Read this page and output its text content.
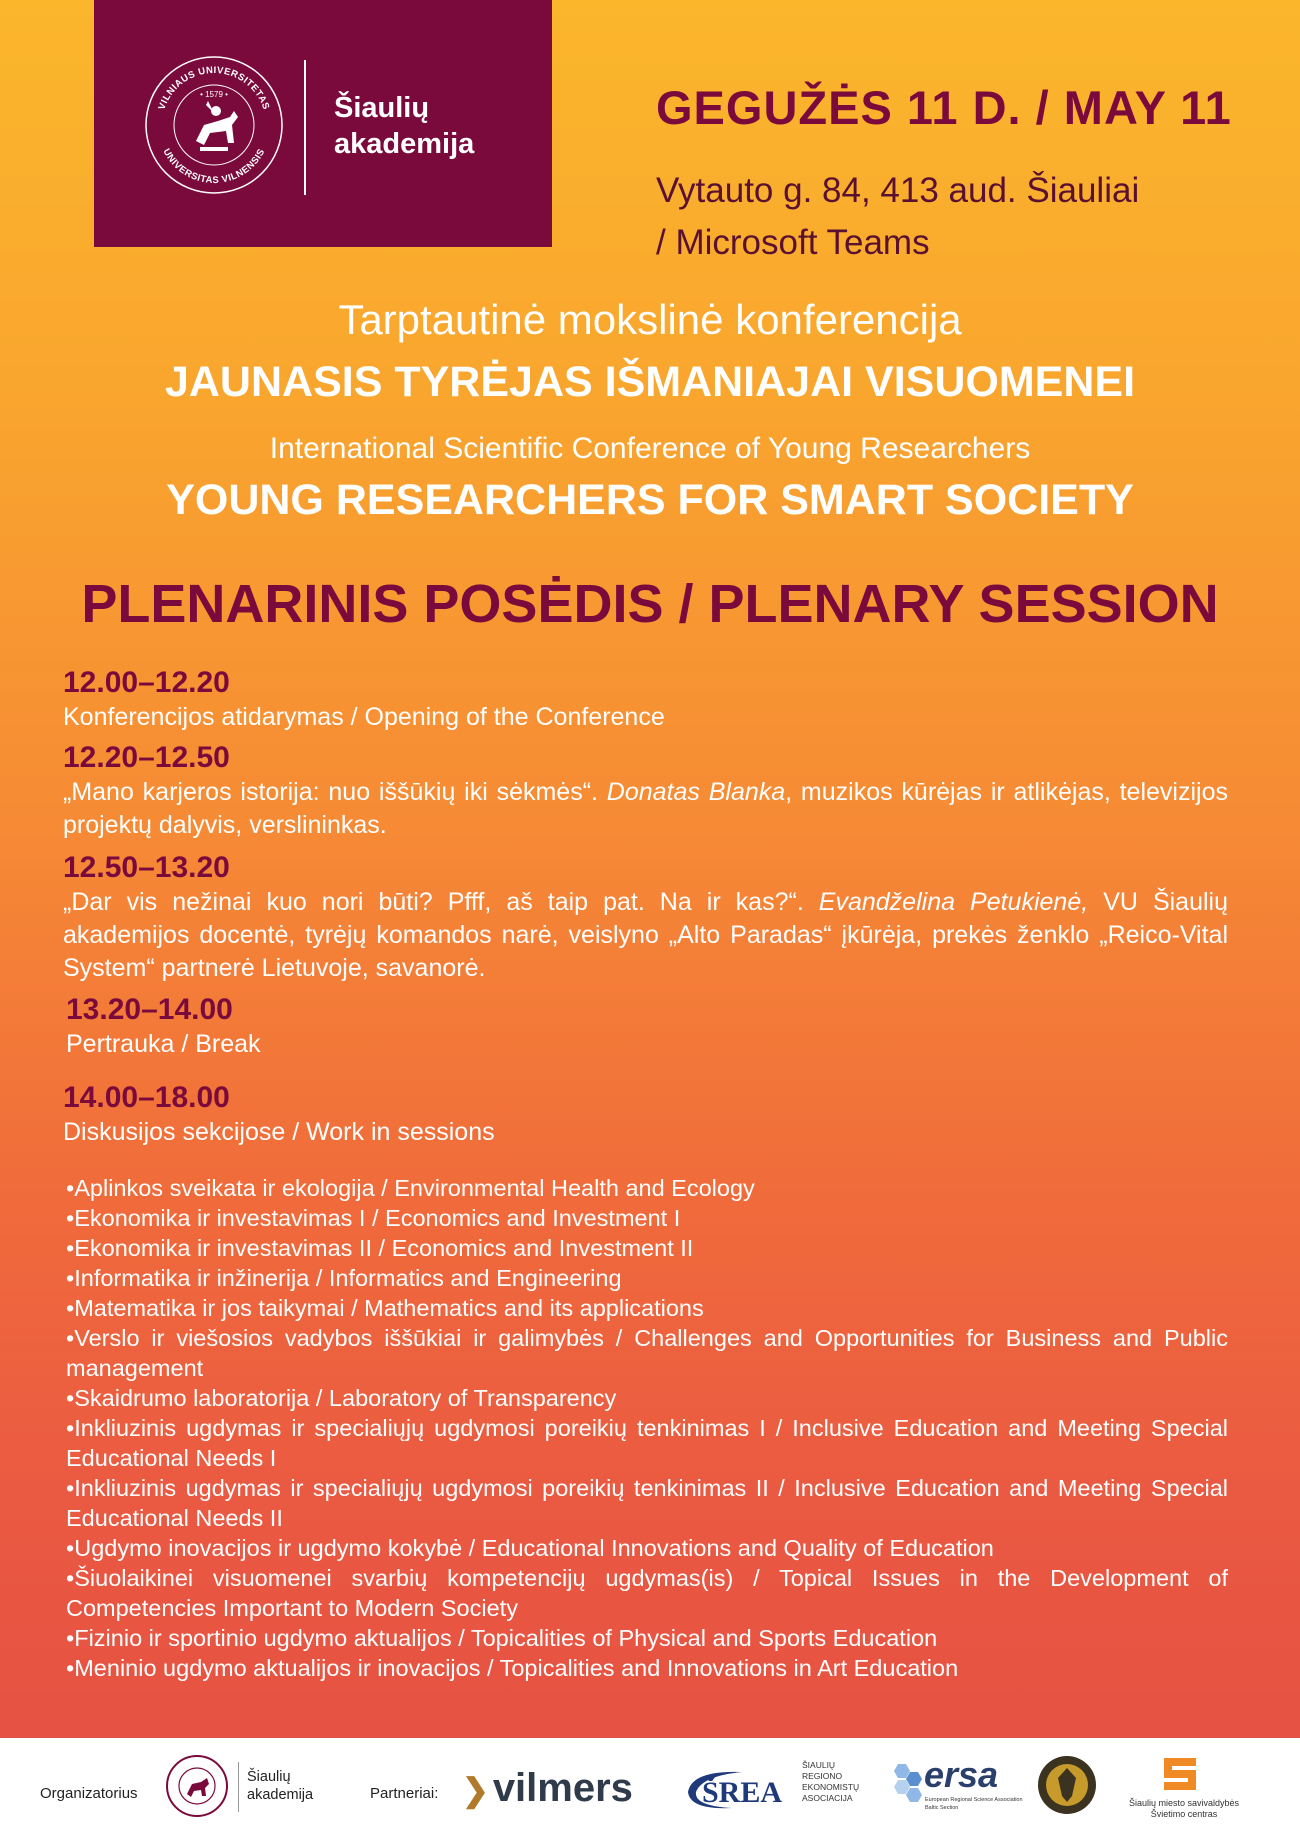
VILNIAUS UNIVERSITETAS
UNIVERSITAS VILNENSIS
• 1579 •	Šiaulių
akademija
GEGUŽĖS 11 D. / MAY 11
Vytauto g. 84, 413 aud. Šiauliai
/ Microsoft Teams
Tarptautinė mokslinė konferencija
JAUNASIS TYRĖJAS IŠMANIAJAI VISUOMENEI
International Scientific Conference of Young Researchers
YOUNG RESEARCHERS FOR SMART SOCIETY
PLENARINIS POSĖDIS / PLENARY SESSION
12.00–12.20
Konferencijos atidarymas / Opening of the Conference
12.20–12.50
„Mano karjeros istorija: nuo iššūkių iki sėkmės“. Donatas Blanka, muzikos kūrėjas ir atlikėjas, televizijos projektų dalyvis, verslininkas.
12.50–13.20
„Dar vis nežinai kuo nori būti? Pfff, aš taip pat. Na ir kas?“. Evandželina Petukienė, VU Šiaulių akademijos docentė, tyrėjų komandos narė, veislyno „Alto Paradas“ įkūrėja, prekės ženklo „Reico-Vital System“ partnerė Lietuvoje, savanorė.
13.20–14.00
Pertrauka / Break
14.00–18.00
Diskusijos sekcijose / Work in sessions
•Aplinkos sveikata ir ekologija / Environmental Health and Ecology
•Ekonomika ir investavimas I / Economics and Investment I
•Ekonomika ir investavimas II / Economics and Investment II
•Informatika ir inžinerija / Informatics and Engineering
•Matematika ir jos taikymai / Mathematics and its applications
•Verslo ir viešosios vadybos iššūkiai ir galimybės / Challenges and Opportunities for Business and Public management
•Skaidrumo laboratorija / Laboratory of Transparency
•Inkliuzinis ugdymas ir specialiųjų ugdymosi poreikių tenkinimas I / Inclusive Education and Meeting Special Educational Needs I
•Inkliuzinis ugdymas ir specialiųjų ugdymosi poreikių tenkinimas II / Inclusive Education and Meeting Special Educational Needs II
•Ugdymo inovacijos ir ugdymo kokybė / Educational Innovations and Quality of Education
•Šiuolaikinei visuomenei svarbių kompetencijų ugdymas(is) / Topical Issues in the Development of Competencies Important to Modern Society
•Fizinio ir sportinio ugdymo aktualijos / Topicalities of Physical and Sports Education
•Meninio ugdymo aktualijos ir inovacijos / Topicalities and Innovations in Art Education
Organizatorius
Šiaulių
akademija	Partneriai: ❯ vilmers ŠREA
ŠIAULIŲ
REGIONO
EKONOMISTŲ
ASOCIACIJA
ersa
European Regional Science Association
Baltic Section	Šiaulių miesto savivaldybės
Švietimo centras
